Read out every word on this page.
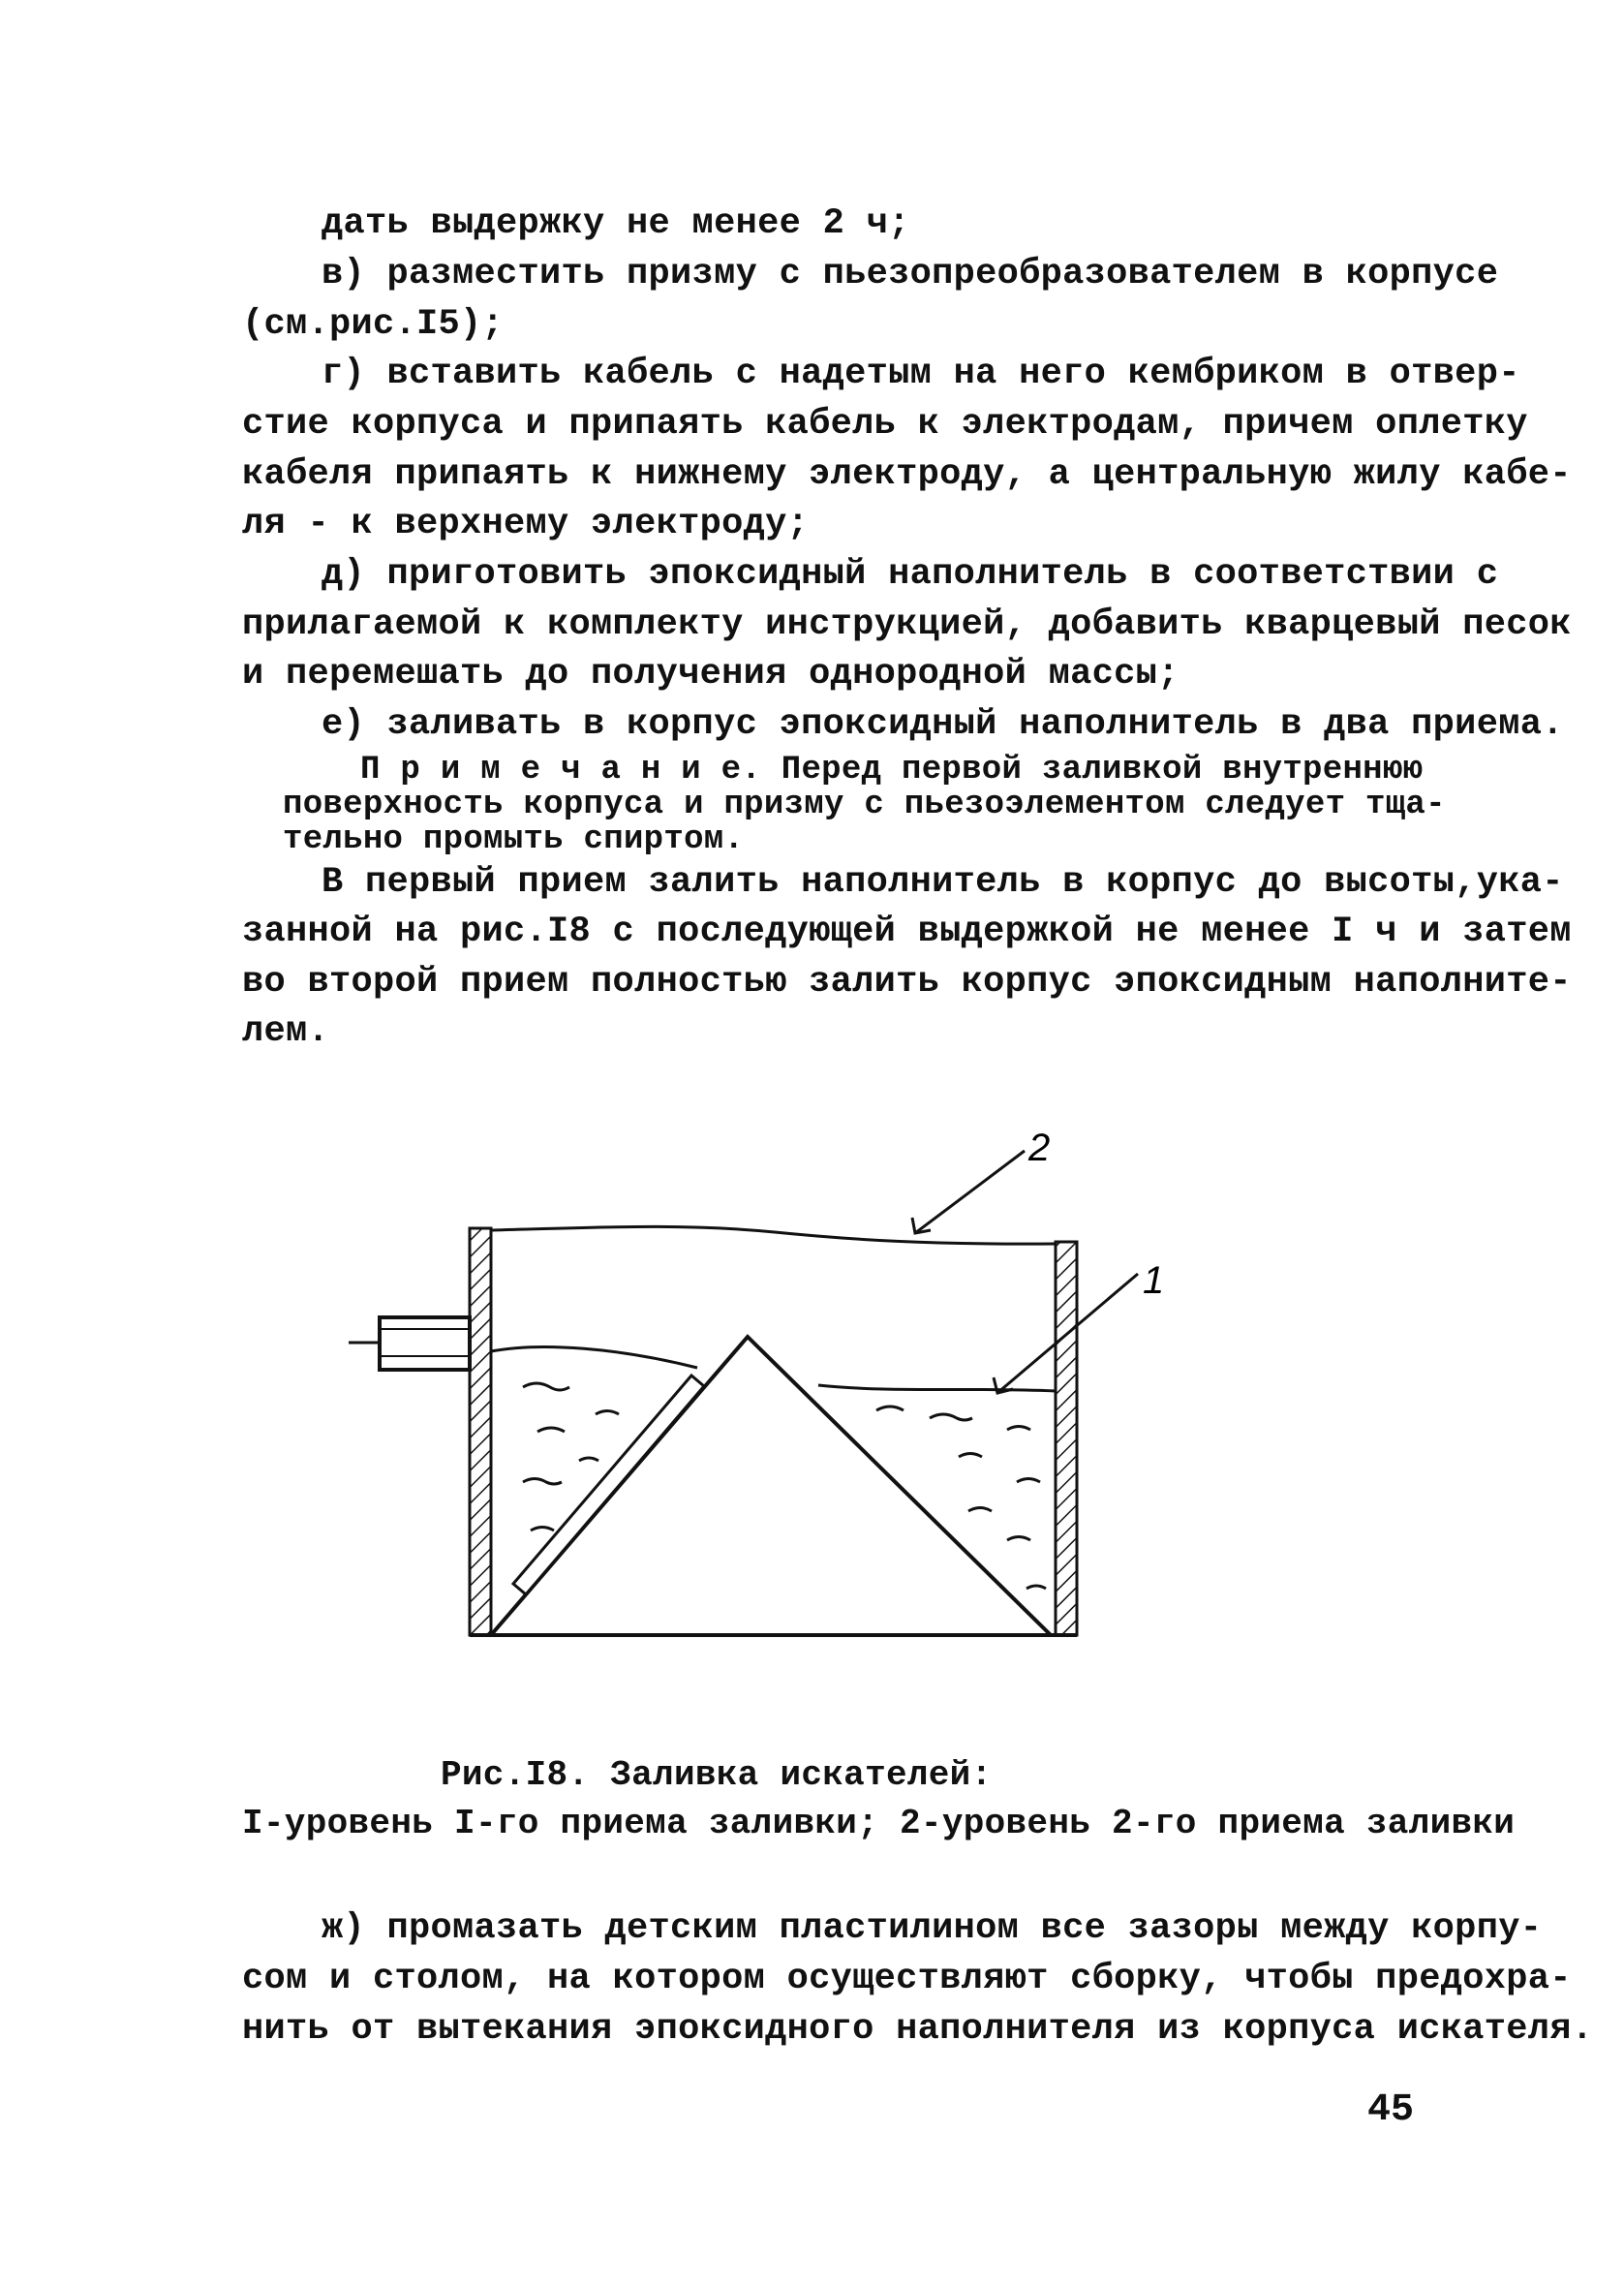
дать выдержку не менее 2 ч;
в) разместить призму с пьезопреобразователем в корпусе
(см.рис.I5);
г) вставить кабель с надетым на него кембриком в отвер-
стие корпуса и припаять кабель к электродам, причем оплетку
кабеля припаять к нижнему электроду, а центральную жилу кабе-
ля - к верхнему электроду;
д) приготовить эпоксидный наполнитель в соответствии с
прилагаемой к комплекту инструкцией, добавить кварцевый песок
и перемешать до получения однородной массы;
е) заливать в корпус эпоксидный наполнитель в два приема.
П р и м е ч а н и е. Перед первой заливкой внутреннюю
поверхность корпуса и призму с пьезоэлементом следует тща-
тельно промыть спиртом.
В первый прием залить наполнитель в корпус до высоты,ука-
занной на рис.I8 с последующей выдержкой не менее I ч и затем
во второй прием полностью залить корпус эпоксидным наполните-
лем.
2
1
Рис.I8. Заливка искателей:
I-уровень I-го приема заливки; 2-уровень 2-го приема заливки
ж) промазать детским пластилином все зазоры между корпу-
сом и столом, на котором осуществляют сборку, чтобы предохра-
нить от вытекания эпоксидного наполнителя из корпуса искателя.
45
